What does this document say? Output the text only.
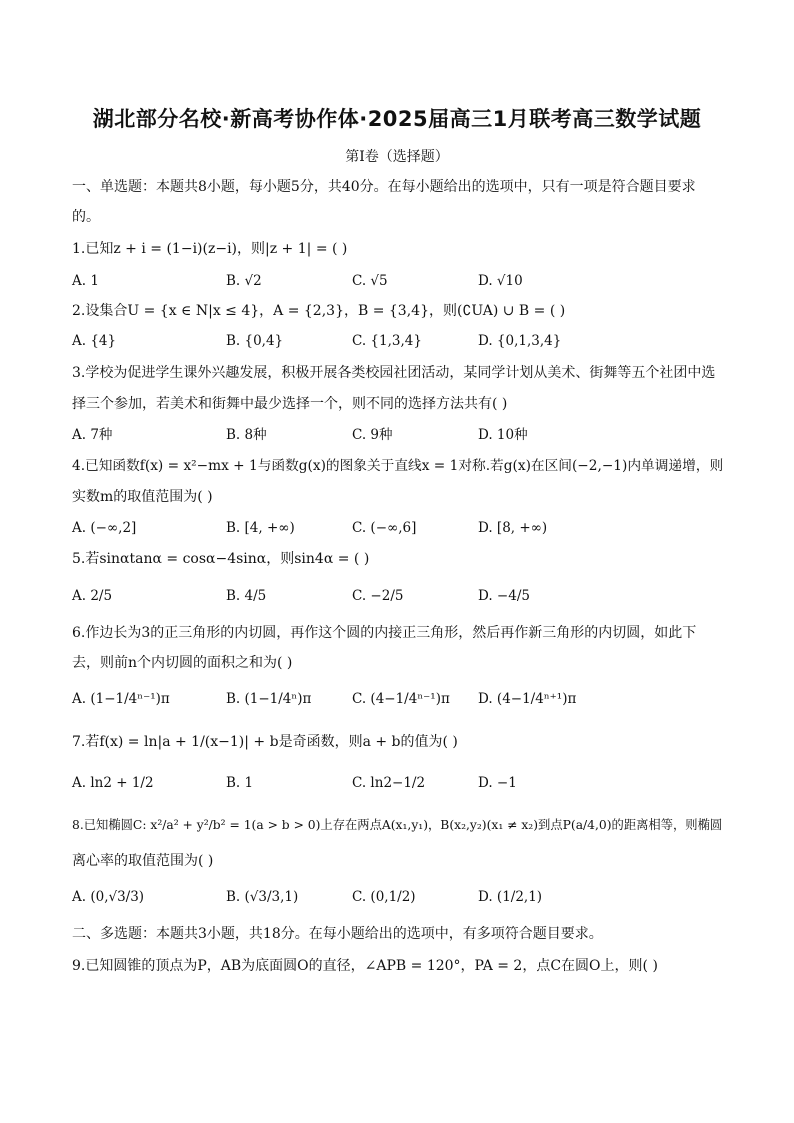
湖北部分名校·新高考协作体·2025届高三1月联考高三数学试题
第I卷（选择题）
一、单选题：本题共8小题，每小题5分，共40分。在每小题给出的选项中，只有一项是符合题目要求
的。
1.已知z + i = (1−i)(z−i)，则|z + 1| = ( )
A. 1	B. √2	C. √5	D. √10
2.设集合U = {x ∈ N|x ≤ 4}，A = {2,3}，B = {3,4}，则(∁UA) ∪ B = ( )
A. {4}	B. {0,4}	C. {1,3,4}	D. {0,1,3,4}
3.学校为促进学生课外兴趣发展，积极开展各类校园社团活动，某同学计划从美术、街舞等五个社团中选
择三个参加，若美术和街舞中最少选择一个，则不同的选择方法共有( )
A. 7种	B. 8种	C. 9种	D. 10种
4.已知函数f(x) = x²−mx + 1与函数g(x)的图象关于直线x = 1对称.若g(x)在区间(−2,−1)内单调递增，则
实数m的取值范围为( )
A. (−∞,2]	B. [4, +∞)	C. (−∞,6]	D. [8, +∞)
5.若sinαtanα = cosα−4sinα，则sin4α = ( )
A. 2/5	B. 4/5	C. −2/5	D. −4/5
6.作边长为3的正三角形的内切圆，再作这个圆的内接正三角形，然后再作新三角形的内切圆，如此下
去，则前n个内切圆的面积之和为( )
A. (1−1/4ⁿ⁻¹)π	B. (1−1/4ⁿ)π	C. (4−1/4ⁿ⁻¹)π D. (4−1/4ⁿ⁺¹)π
7.若f(x) = ln|a + 1/(x−1)| + b是奇函数，则a + b的值为( )
A. ln2 + 1/2	B. 1	C. ln2−1/2	D. −1
8.已知椭圆C: x²/a² + y²/b² = 1(a > b > 0)上存在两点A(x₁,y₁)，B(x₂,y₂)(x₁ ≠ x₂)到点P(a/4,0)的距离相等，则椭圆
离心率的取值范围为( )
A. (0,√3/3)	B. (√3/3,1)	C. (0,1/2)	D. (1/2,1)
二、多选题：本题共3小题，共18分。在每小题给出的选项中，有多项符合题目要求。
9.已知圆锥的顶点为P，AB为底面圆O的直径，∠APB = 120°，PA = 2，点C在圆O上，则( )
